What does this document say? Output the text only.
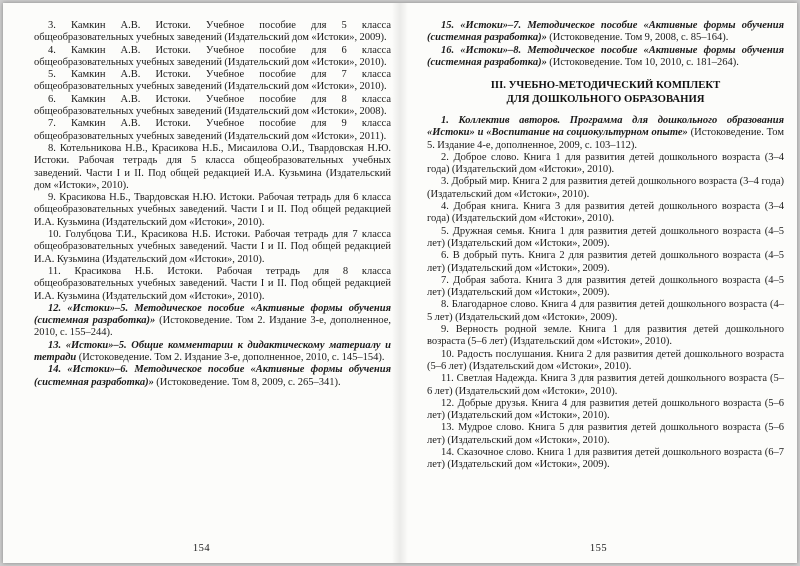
3. Камкин А.В. Истоки. Учебное пособие для 5 класса общеобразовательных учебных заведений (Издательский дом «Истоки», 2009).

4. Камкин А.В. Истоки. Учебное пособие для 6 класса общеобразовательных учебных заведений (Издательский дом «Истоки», 2010).

5. Камкин А.В. Истоки. Учебное пособие для 7 класса общеобразовательных учебных заведений (Издательский дом «Истоки», 2010).

6. Камкин А.В. Истоки. Учебное пособие для 8 класса общеобразовательных учебных заведений (Издательский дом «Истоки», 2008).

7. Камкин А.В. Истоки. Учебное пособие для 9 класса общеобразовательных учебных заведений (Издательский дом «Истоки», 2011).

8. Котельникова Н.В., Красикова Н.Б., Мисаилова О.И., Твардовская Н.Ю. Истоки. Рабочая тетрадь для 5 класса общеобразовательных учебных заведений. Части I и II. Под общей редакцией И.А. Кузьмина (Издательский дом «Истоки», 2010).

9. Красикова Н.Б., Твардовская Н.Ю. Истоки. Рабочая тетрадь для 6 класса общеобразовательных учебных заведений. Части I и II. Под общей редакцией И.А. Кузьмина (Издательский дом «Истоки», 2010).

10. Голубцова Т.И., Красикова Н.Б. Истоки. Рабочая тетрадь для 7 класса общеобразовательных учебных заведений. Части I и II. Под общей редакцией И.А. Кузьмина (Издательский дом «Истоки», 2010).

11. Красикова Н.Б. Истоки. Рабочая тетрадь для 8 класса общеобразовательных учебных заведений. Части I и II. Под общей редакцией И.А. Кузьмина (Издательский дом «Истоки», 2010).

12. «Истоки»–5. Методическое пособие «Активные формы обучения (системная разработка)» (Истоковедение. Том 2. Издание 3-е, дополненное, 2010, с. 155–244).

13. «Истоки»–5. Общие комментарии к дидактическому материалу и тетради (Истоковедение. Том 2. Издание 3-е, дополненное, 2010, с. 145–154).

14. «Истоки»–6. Методическое пособие «Активные формы обучения (системная разработка)» (Истоковедение. Том 8, 2009, с. 265–341).

154

15. «Истоки»–7. Методическое пособие «Активные формы обучения (системная разработка)» (Истоковедение. Том 9, 2008, с. 85–164).

16. «Истоки»–8. Методическое пособие «Активные формы обучения (системная разработка)» (Истоковедение. Том 10, 2010, с. 181–264).

III. УЧЕБНО-МЕТОДИЧЕСКИЙ КОМПЛЕКТ
ДЛЯ ДОШКОЛЬНОГО ОБРАЗОВАНИЯ

1. Коллектив авторов. Программа для дошкольного образования «Истоки» и «Воспитание на социокультурном опыте» (Истоковедение. Том 5. Издание 4-е, дополненное, 2009, с. 103–112).

2. Доброе слово. Книга 1 для развития детей дошкольного возраста (3–4 года) (Издательский дом «Истоки», 2010).

3. Добрый мир. Книга 2 для развития детей дошкольного возраста (3–4 года) (Издательский дом «Истоки», 2010).

4. Добрая книга. Книга 3 для развития детей дошкольного возраста (3–4 года) (Издательский дом «Истоки», 2010).

5. Дружная семья. Книга 1 для развития детей дошкольного возраста (4–5 лет) (Издательский дом «Истоки», 2009).

6. В добрый путь. Книга 2 для развития детей дошкольного возраста (4–5 лет) (Издательский дом «Истоки», 2009).

7. Добрая забота. Книга 3 для развития детей дошкольного возраста (4–5 лет) (Издательский дом «Истоки», 2009).

8. Благодарное слово. Книга 4 для развития детей дошкольного возраста (4–5 лет) (Издательский дом «Истоки», 2009).

9. Верность родной земле. Книга 1 для развития детей дошкольного возраста (5–6 лет) (Издательский дом «Истоки», 2010).

10. Радость послушания. Книга 2 для развития детей дошкольного возраста (5–6 лет) (Издательский дом «Истоки», 2010).

11. Светлая Надежда. Книга 3 для развития детей дошкольного возраста (5–6 лет) (Издательский дом «Истоки», 2010).

12. Добрые друзья. Книга 4 для развития детей дошкольного возраста (5–6 лет) (Издательский дом «Истоки», 2010).

13. Мудрое слово. Книга 5 для развития детей дошкольного возраста (5–6 лет) (Издательский дом «Истоки», 2010).

14. Сказочное слово. Книга 1 для развития детей дошкольного возраста (6–7 лет) (Издательский дом «Истоки», 2009).

155
